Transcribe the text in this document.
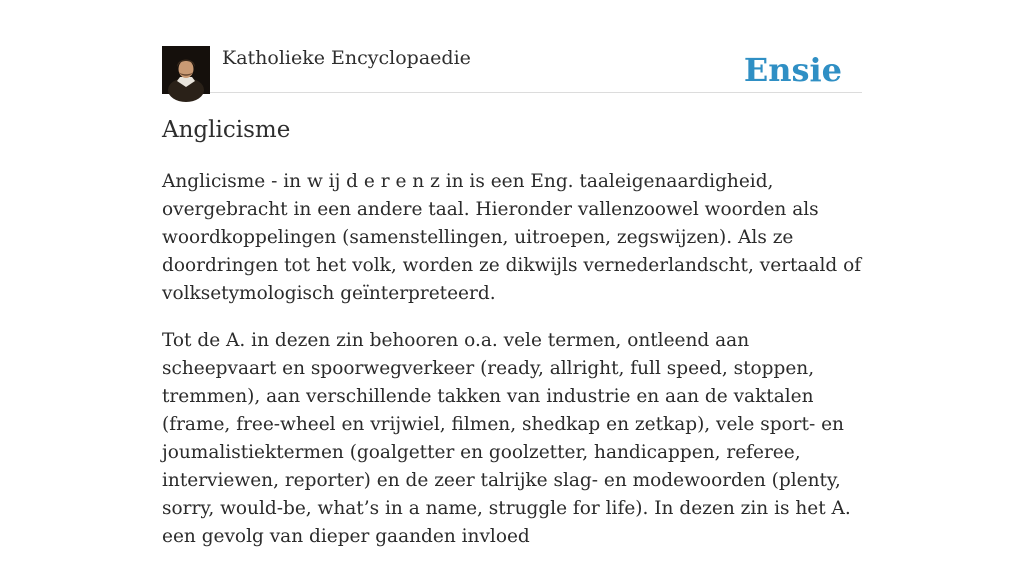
Katholieke Encyclopaedie	Ensie
Anglicisme

Anglicisme - in w ij d e r e n z in is een Eng. taaleigenaardigheid, overgebracht in een andere taal. Hieronder vallenzoowel woorden als woordkoppelingen (samenstellingen, uitroepen, zegswijzen). Als ze doordringen tot het volk, worden ze dikwijls vernederlandscht, vertaald of volksetymologisch geïnterpreteerd.

Tot de A. in dezen zin behooren o.a. vele termen, ontleend aan scheepvaart en spoorwegverkeer (ready, allright, full speed, stoppen, tremmen), aan verschillende takken van industrie en aan de vaktalen (frame, free-wheel en vrijwiel, filmen, shedkap en zetkap), vele sport- en joumalistiektermen (goalgetter en goolzetter, handicappen, referee, interviewen, reporter) en de zeer talrijke slag- en modewoorden (plenty, sorry, would-be, what’s in a name, struggle for life). In dezen zin is het A. een gevolg van dieper gaanden invloed
